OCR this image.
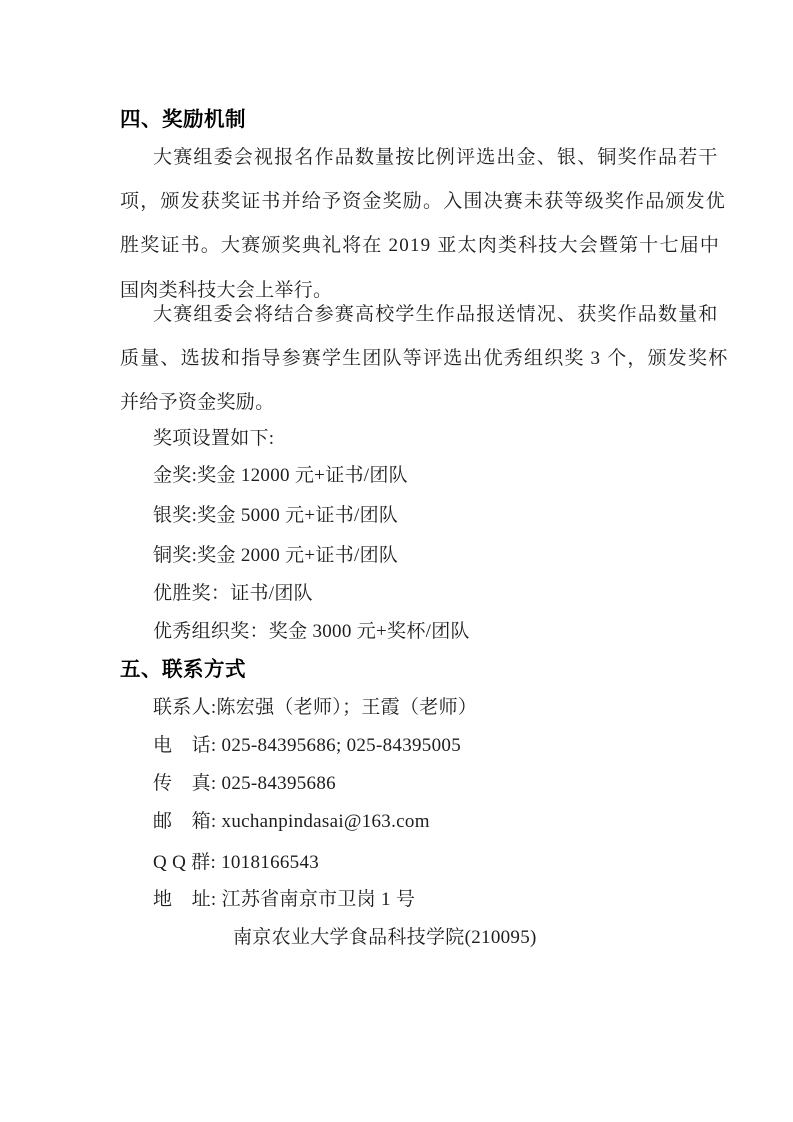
四、奖励机制
大赛组委会视报名作品数量按比例评选出金、银、铜奖作品若干
项，颁发获奖证书并给予资金奖励。入围决赛未获等级奖作品颁发优
胜奖证书。大赛颁奖典礼将在 2019 亚太肉类科技大会暨第十七届中
国肉类科技大会上举行。
大赛组委会将结合参赛高校学生作品报送情况、获奖作品数量和
质量、选拔和指导参赛学生团队等评选出优秀组织奖 3 个，颁发奖杯
并给予资金奖励。
奖项设置如下:
金奖:奖金 12000 元+证书/团队
银奖:奖金 5000 元+证书/团队
铜奖:奖金 2000 元+证书/团队
优胜奖：证书/团队
优秀组织奖：奖金 3000 元+奖杯/团队
五、联系方式
联系人:陈宏强（老师）；王霞（老师）
电　话: 025-84395686; 025-84395005
传　真: 025-84395686
邮　箱: xuchanpindasai@163.com
Q Q 群: 1018166543
地　址: 江苏省南京市卫岗 1 号
南京农业大学食品科技学院(210095)
